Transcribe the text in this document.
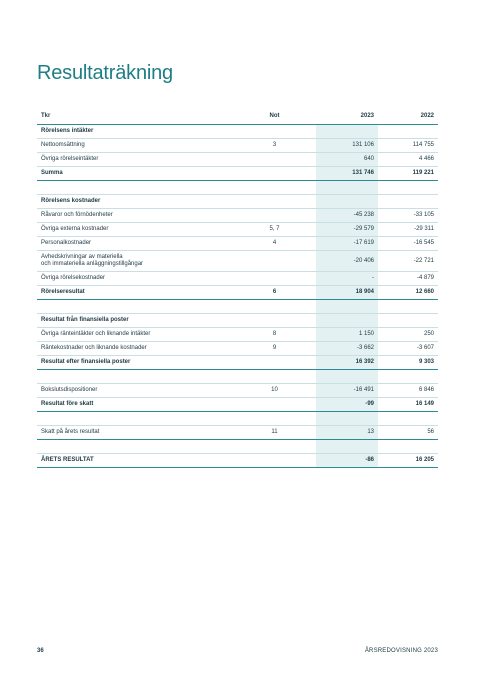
Resultaträkning
Tkr	Not	2023	2022
Rörelsens intäkter			
Nettoomsättning	3	131 106	114 755
Övriga rörelseintäkter		640	4 466
Summa		131 746	119 221

Rörelsens kostnader			
Råvaror och förnödenheter		-45 238	-33 105
Övriga externa kostnader	5, 7	-29 579	-29 311
Personalkostnader	4	-17 619	-16 545
Avhedskrivningar av materiella
och immateriella anläggningstillgångar		-20 406	-22 721
Övriga rörelsekostnader		-	-4 879
Rörelseresultat	6	18 904	12 660

Resultat från finansiella poster			
Övriga ränteintäkter och liknande intäkter	8	1 150	250
Räntekostnader och liknande kostnader	9	-3 662	-3 607
Resultat efter finansiella poster		16 392	9 303

Bokslutsdispositioner	10	-16 491	6 846
Resultat före skatt		-99	16 149

Skatt på årets resultat	11	13	56

ÅRETS RESULTAT		-86	16 205
36	ÅRSREDOVISNING 2023
